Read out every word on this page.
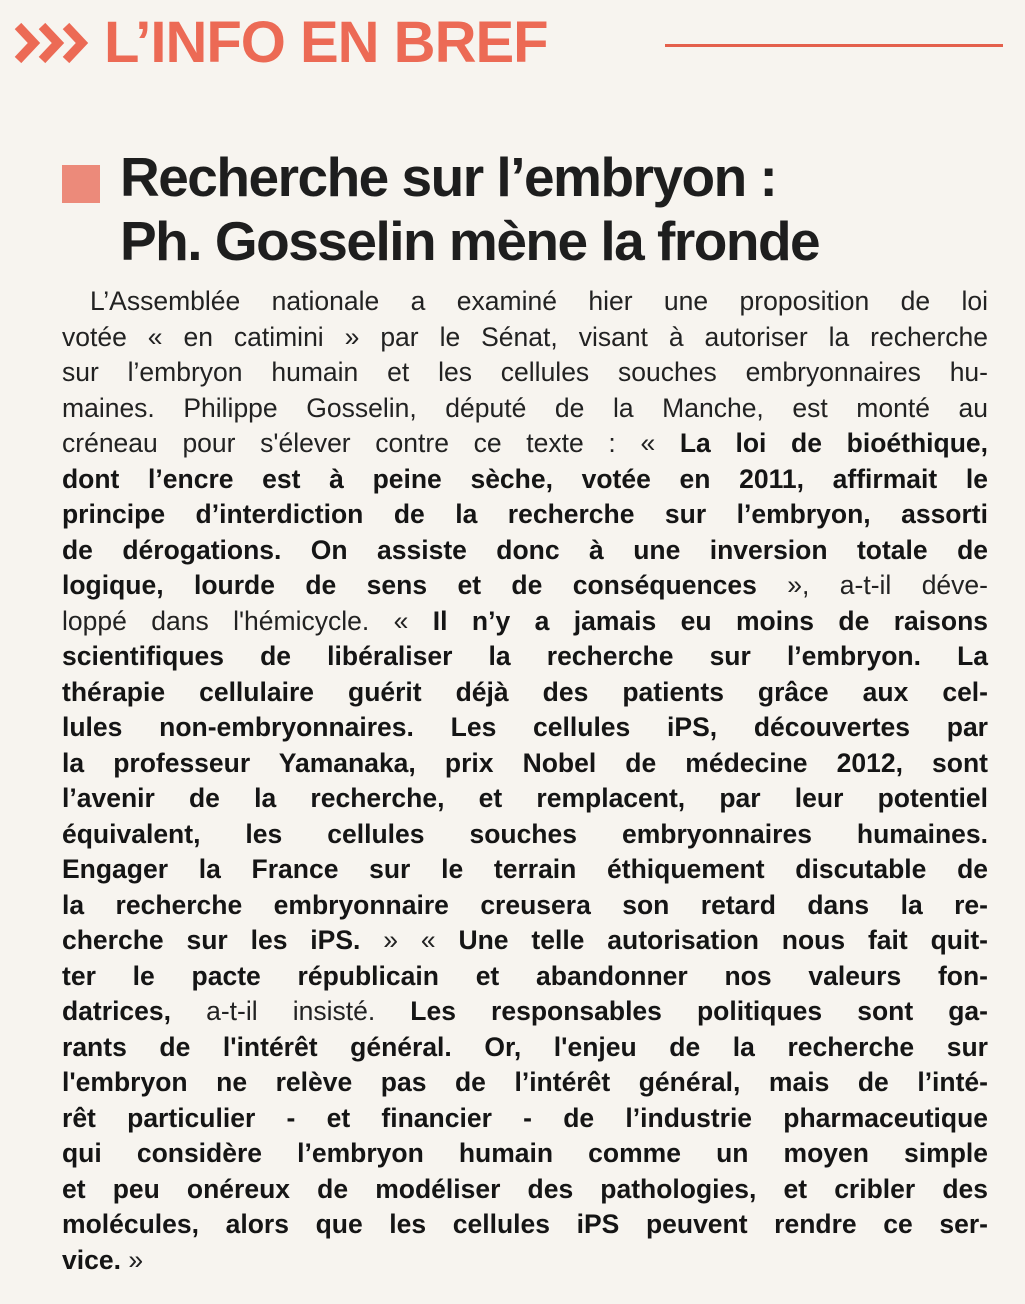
L’INFO EN BREF
Recherche sur l’embryon :
Ph. Gosselin mène la fronde
L’Assemblée nationale a examiné hier une proposition de loi
votée « en catimini » par le Sénat, visant à autoriser la recherche
sur l’embryon humain et les cellules souches embryonnaires hu-
maines. Philippe Gosselin, député de la Manche, est monté au
créneau pour s'élever contre ce texte : « La loi de bioéthique,
dont l’encre est à peine sèche, votée en 2011, affirmait le
principe d’interdiction de la recherche sur l’embryon, assorti
de dérogations. On assiste donc à une inversion totale de
logique, lourde de sens et de conséquences », a-t-il déve-
loppé dans l'hémicycle. « Il n’y a jamais eu moins de raisons
scientifiques de libéraliser la recherche sur l’embryon. La
thérapie cellulaire guérit déjà des patients grâce aux cel-
lules non-embryonnaires. Les cellules iPS, découvertes par
la professeur Yamanaka, prix Nobel de médecine 2012, sont
l’avenir de la recherche, et remplacent, par leur potentiel
équivalent, les cellules souches embryonnaires humaines.
Engager la France sur le terrain éthiquement discutable de
la recherche embryonnaire creusera son retard dans la re-
cherche sur les iPS. » « Une telle autorisation nous fait quit-
ter le pacte républicain et abandonner nos valeurs fon-
datrices, a-t-il insisté. Les responsables politiques sont ga-
rants de l'intérêt général. Or, l'enjeu de la recherche sur
l'embryon ne relève pas de l’intérêt général, mais de l’inté-
rêt particulier - et financier - de l’industrie pharmaceutique
qui considère l’embryon humain comme un moyen simple
et peu onéreux de modéliser des pathologies, et cribler des
molécules, alors que les cellules iPS peuvent rendre ce ser-
vice. »
